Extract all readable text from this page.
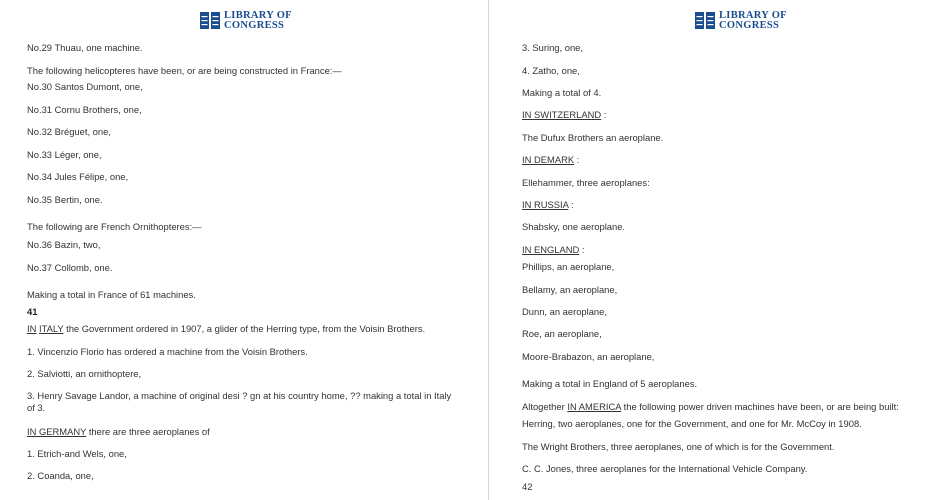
LIBRARY OF
CONGRESS
No.29 Thuau, one machine.
The following helicopteres have been, or are being constructed in France:—
No.30 Santos Dumont, one,
No.31 Cornu Brothers, one,
No.32 Bréguet, one,
No.33 Léger, one,
No.34 Jules Félipe, one,
No.35 Bertin, one.
The following are French Ornithopteres:—
No.36 Bazin, two,
No.37 Collomb, one.
Making a total in France of 61 machines.
41
IN ITALY the Government ordered in 1907, a glider of the Herring type, from the Voisin Brothers.
1. Vincenzio Florio has ordered a machine from the Voisin Brothers.
2. Salviotti, an ornithoptere,
3. Henry Savage Landor, a machine of original desi ? gn at his country home, ?? making a total in Italy of 3.
IN GERMANY there are three aeroplanes of
1. Etrich-and Wels, one,
2. Coanda, one,
LIBRARY OF
CONGRESS
3. Suring, one,
4. Zatho, one,
Making a total of 4.
IN SWITZERLAND :
The Dufux Brothers an aeroplane.
IN DEMARK :
Ellehammer, three aeroplanes:
IN RUSSIA :
Shabsky, one aeroplane.
IN ENGLAND :
Phillips, an aeroplane,
Bellamy, an aeroplane,
Dunn, an aeroplane,
Roe, an aeroplane,
Moore-Brabazon, an aeroplane,
Making a total in England of 5 aeroplanes.
Altogether IN AMERICA the following power driven machines have been, or are being built:
Herring, two aeroplanes, one for the Government, and one for Mr. McCoy in 1908.
The Wright Brothers, three aeroplanes, one of which is for the Government.
C. C. Jones, three aeroplanes for the International Vehicle Company.
42
